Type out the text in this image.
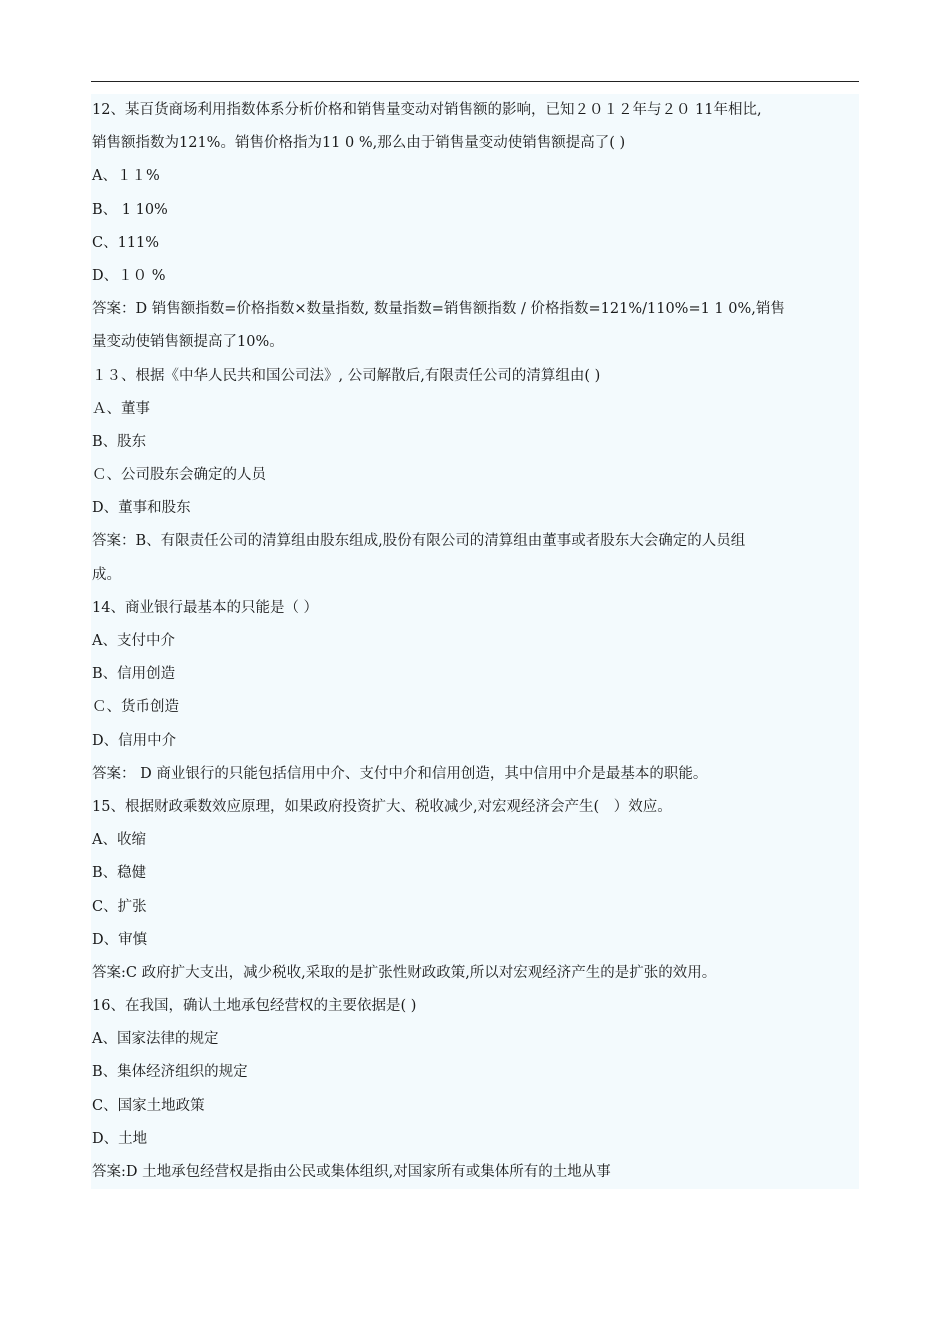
12、某百货商场利用指数体系分析价格和销售量变动对销售额的影响，已知２０１２年与２０ 11年相比,
销售额指数为121%。销售价格指为11 0 %,那么由于销售量变动使销售额提高了( )
A、１１%
B、 1 10%
C、111%
D、１０ %
答案：D 销售额指数=价格指数×数量指数, 数量指数=销售额指数 / 价格指数=121%/110%=1 1 0%,销售
量变动使销售额提高了10%。
１３、根据《中华人民共和国公司法》, 公司解散后,有限责任公司的清算组由( )
Ａ、董事
B、股东
Ｃ、公司股东会确定的人员
D、董事和股东
答案：B、有限责任公司的清算组由股东组成,股份有限公司的清算组由董事或者股东大会确定的人员组
成。
14、商业银行最基本的只能是（ ）
A、支付中介
B、信用创造
Ｃ、货币创造
D、信用中介
答案： D 商业银行的只能包括信用中介、支付中介和信用创造，其中信用中介是最基本的职能。
15、根据财政乘数效应原理，如果政府投资扩大、税收减少,对宏观经济会产生(　）效应。
A、收缩
B、稳健
C、扩张
D、审慎
答案:C 政府扩大支出，减少税收,采取的是扩张性财政政策,所以对宏观经济产生的是扩张的效用。
16、在我国，确认土地承包经营权的主要依据是( )
A、国家法律的规定
B、集体经济组织的规定
C、国家土地政策
D、土地
答案:D 土地承包经营权是指由公民或集体组织,对国家所有或集体所有的土地从事
